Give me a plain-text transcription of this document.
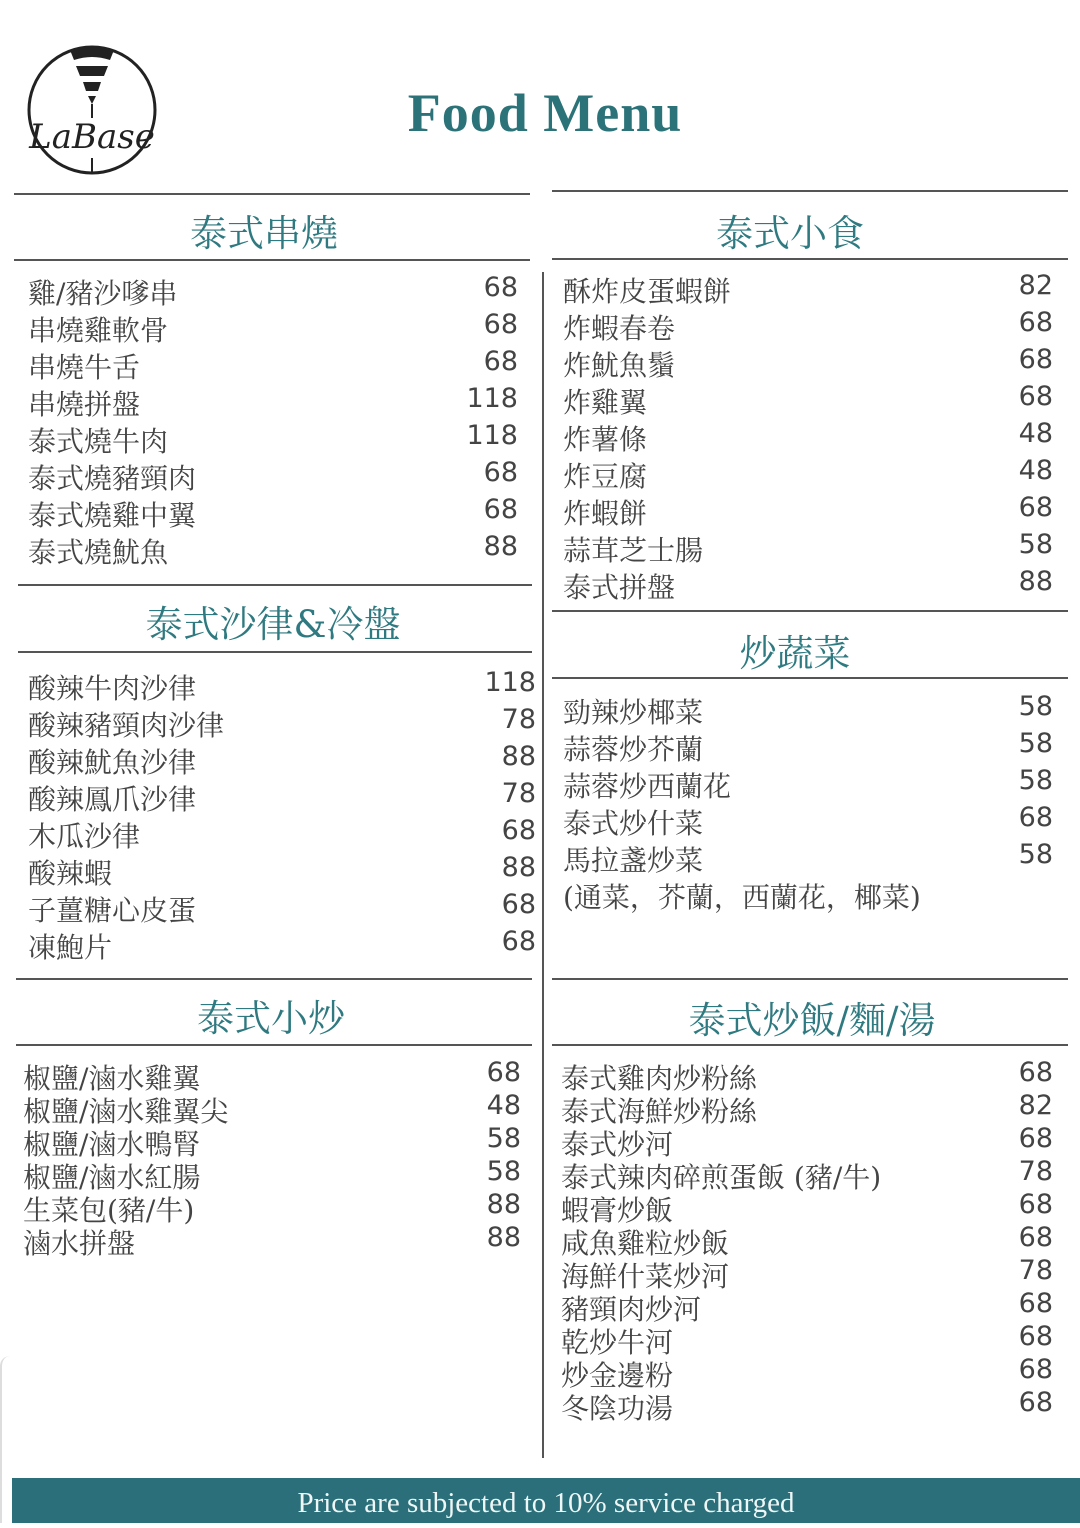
LaBase	Food Menu
泰式串燒
雞/豬沙嗲串	68
串燒雞軟骨	68
串燒牛舌	68
串燒拼盤	118
泰式燒牛肉	118
泰式燒豬頸肉	68
泰式燒雞中翼	68
泰式燒魷魚	88
泰式小食
酥炸皮蛋蝦餅	82
炸蝦春卷	68
炸魷魚鬚	68
炸雞翼	68
炸薯條	48
炸豆腐	48
炸蝦餅	68
蒜茸芝士腸	58
泰式拼盤	88
泰式沙律&冷盤
酸辣牛肉沙律	118
酸辣豬頸肉沙律	78
酸辣魷魚沙律	88
酸辣鳳爪沙律	78
木瓜沙律	68
酸辣蝦	88
子薑糖心皮蛋	68
凍鮑片	68
炒蔬菜
勁辣炒椰菜	58
蒜蓉炒芥蘭	58
蒜蓉炒西蘭花	58
泰式炒什菜	68
馬拉盞炒菜	58
(通菜，芥蘭，西蘭花，椰菜)
泰式小炒
椒鹽/滷水雞翼	68
椒鹽/滷水雞翼尖	48
椒鹽/滷水鴨腎	58
椒鹽/滷水紅腸	58
生菜包(豬/牛)	88
滷水拼盤	88
泰式炒飯/麵/湯
泰式雞肉炒粉絲	68
泰式海鮮炒粉絲	82
泰式炒河	68
泰式辣肉碎煎蛋飯 (豬/牛)	78
蝦膏炒飯	68
咸魚雞粒炒飯	68
海鮮什菜炒河	78
豬頸肉炒河	68
乾炒牛河	68
炒金邊粉	68
冬陰功湯	68
Price are subjected to 10% service charged
